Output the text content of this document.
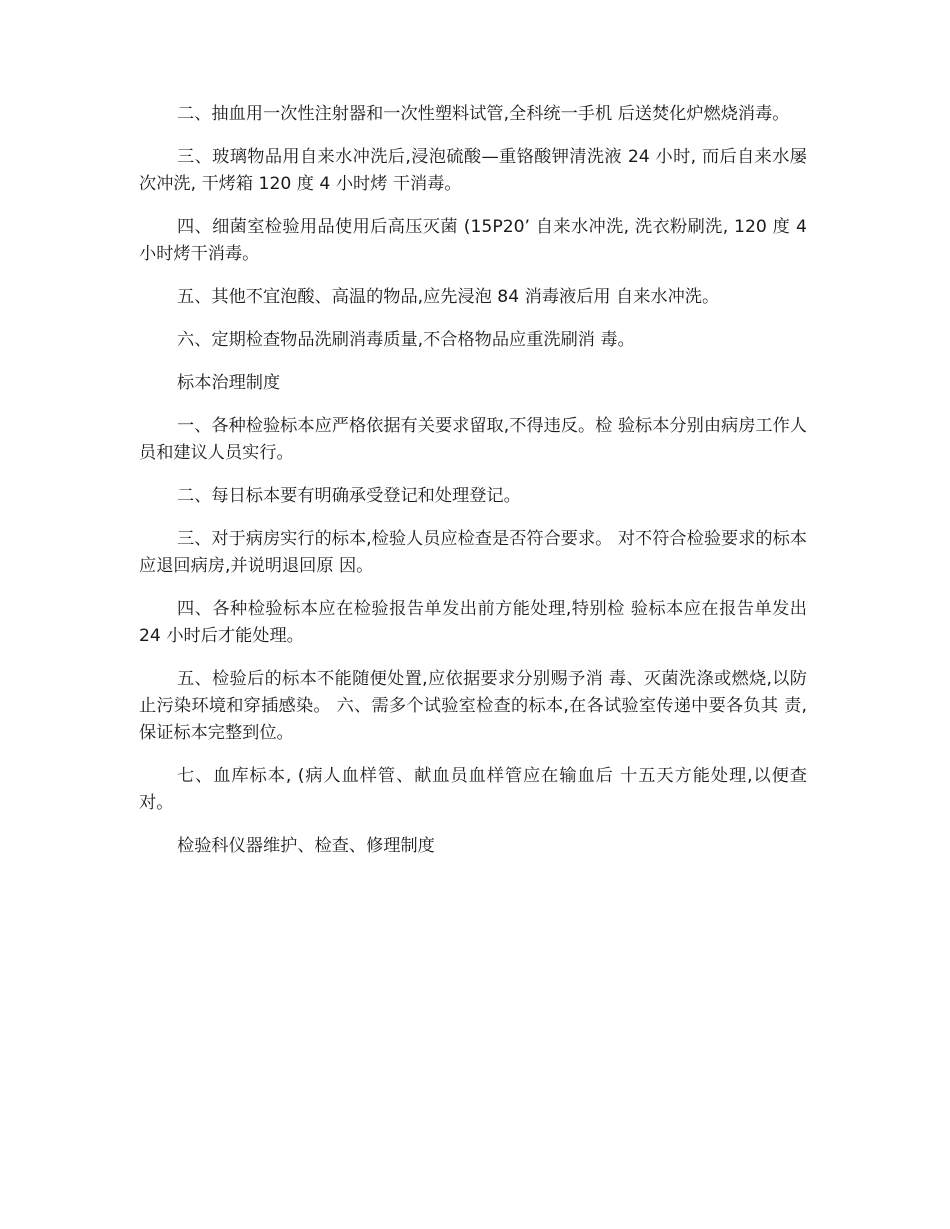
二、抽血用一次性注射器和一次性塑料试管,全科统一手机 后送焚化炉燃烧消毒。

三、玻璃物品用自来水冲洗后,浸泡硫酸—重铬酸钾清洗液 24 小时, 而后自来水屡次冲洗, 干烤箱 120 度 4 小时烤 干消毒。

四、细菌室检验用品使用后高压灭菌 (15P20’ 自来水冲洗, 洗衣粉刷洗, 120 度 4 小时烤干消毒。

五、其他不宜泡酸、高温的物品,应先浸泡 84 消毒液后用 自来水冲洗。

六、定期检查物品洗刷消毒质量,不合格物品应重洗刷消 毒。

标本治理制度

一、各种检验标本应严格依据有关要求留取,不得违反。检 验标本分别由病房工作人员和建议人员实行。

二、每日标本要有明确承受登记和处理登记。

三、对于病房实行的标本,检验人员应检查是否符合要求。 对不符合检验要求的标本应退回病房,并说明退回原 因。

四、各种检验标本应在检验报告单发出前方能处理,特别检 验标本应在报告单发出 24 小时后才能处理。

五、检验后的标本不能随便处置,应依据要求分别赐予消 毒、灭菌洗涤或燃烧,以防止污染环境和穿插感染。 六、需多个试验室检查的标本,在各试验室传递中要各负其 责,保证标本完整到位。

七、血库标本, (病人血样管、献血员血样管应在输血后 十五天方能处理,以便查对。

检验科仪器维护、检查、修理制度
